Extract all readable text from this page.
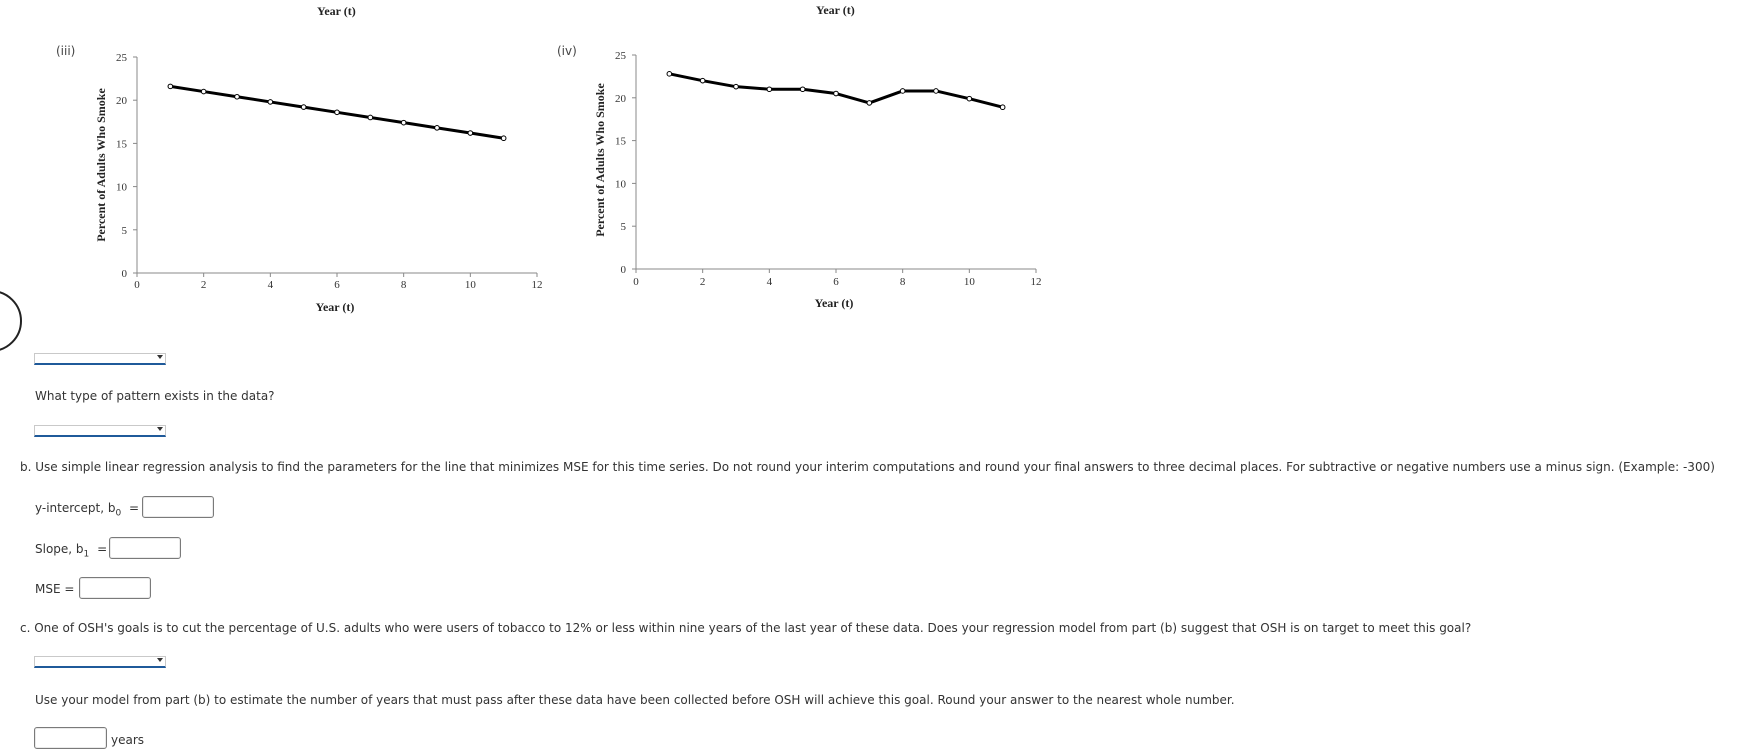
Year (t)	Year (t)
(iii)
0
5
10
15
20
25
0	2	4	6	8	10	12
Year (t)
Percent of Adults Who Smoke
(iv)
0
5
10
15
20
25
0	2	4	6	8	10	12
Year (t)
Percent of Adults Who Smoke
What type of pattern exists in the data?
b. Use simple linear regression analysis to find the parameters for the line that minimizes MSE for this time series. Do not round your interim computations and round your final answers to three decimal places. For subtractive or negative numbers use a minus sign. (Example: -300)
y-intercept, $b_0$ =
Slope, $b_1$ =
MSE =
c. One of OSH's goals is to cut the percentage of U.S. adults who were users of tobacco to 12% or less within nine years of the last year of these data. Does your regression model from part (b) suggest that OSH is on target to meet this goal?
Use your model from part (b) to estimate the number of years that must pass after these data have been collected before OSH will achieve this goal. Round your answer to the nearest whole number.
years
